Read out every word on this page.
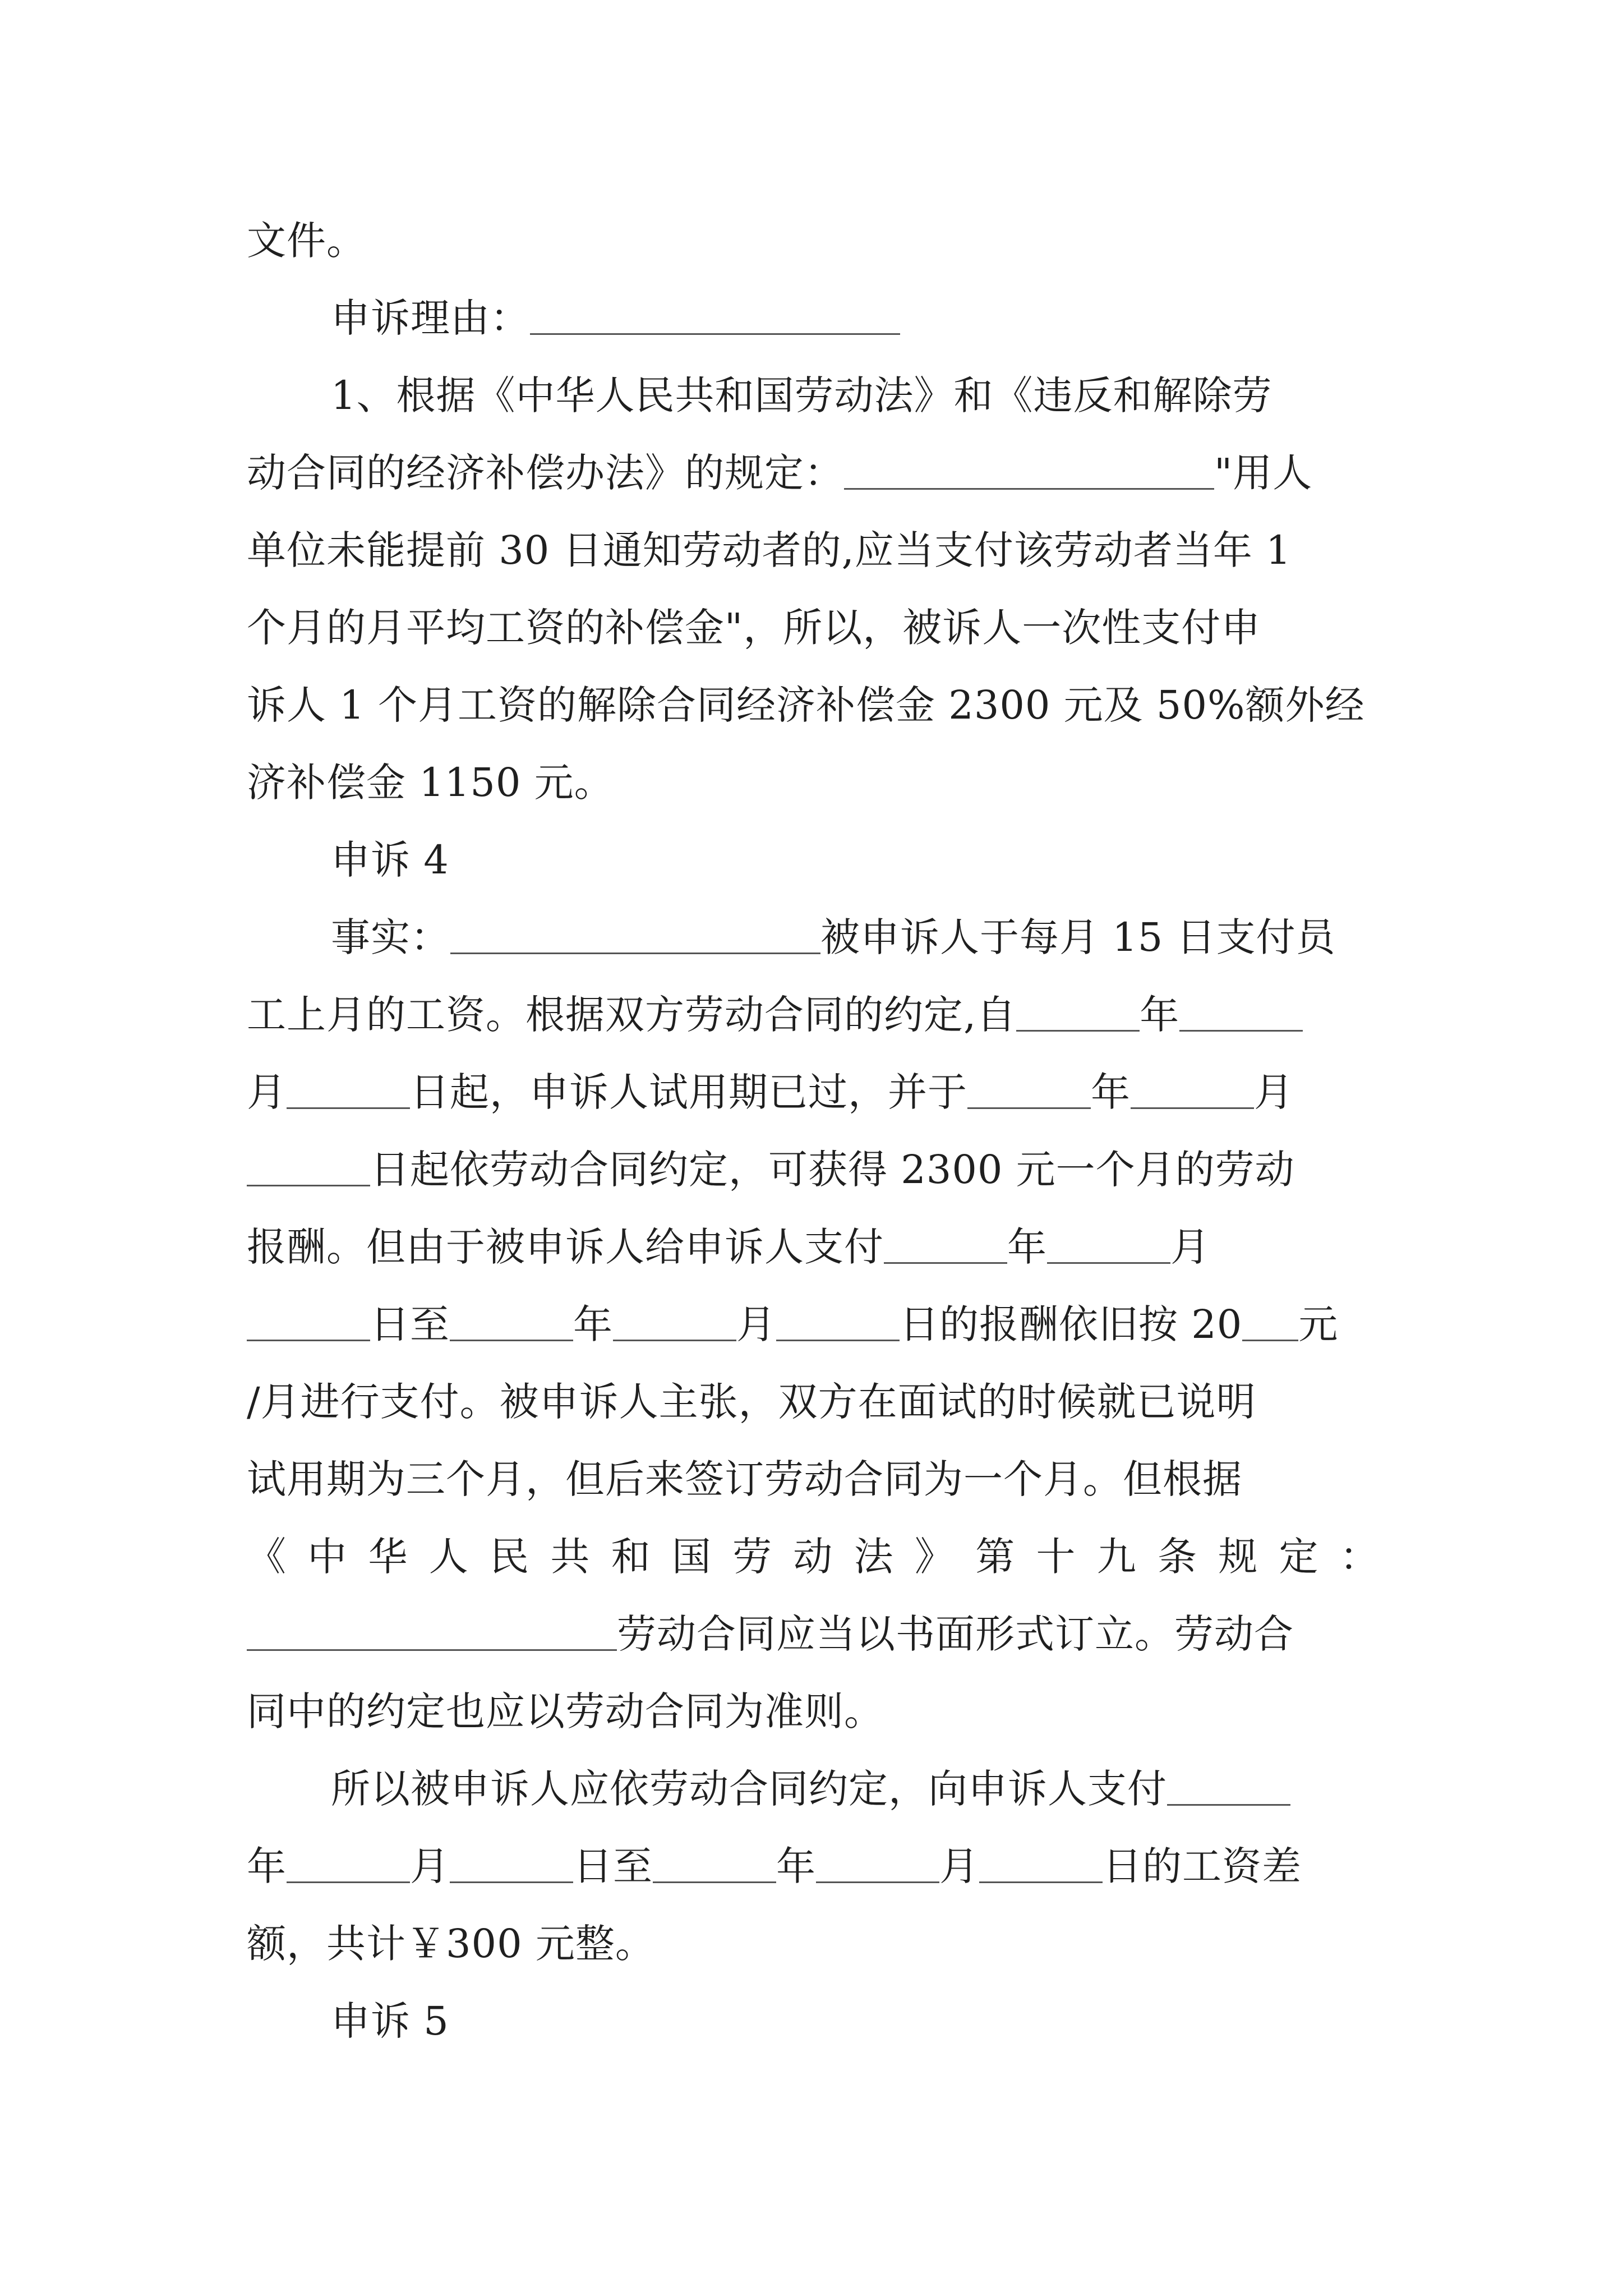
文件。
申诉理由：
1、根据《中华人民共和国劳动法》和《违反和解除劳
动合同的经济补偿办法》的规定：	"用人
单位未能提前 30 日通知劳动者的,应当支付该劳动者当年 1
个月的月平均工资的补偿金"，所以，被诉人一次性支付申
诉人 1 个月工资的解除合同经济补偿金 2300 元及 50%额外经
济补偿金 1150 元。
申诉 4
事实：	被申诉人于每月 15 日支付员
工上月的工资。根据双方劳动合同的约定,自	年
月	日起，申诉人试用期已过，并于	年	月
日起依劳动合同约定，可获得 2300 元一个月的劳动
报酬。但由于被申诉人给申诉人支付	年	月
日至	年	月	日的报酬依旧按 20 元
/月进行支付。被申诉人主张，双方在面试的时候就已说明
试用期为三个月，但后来签订劳动合同为一个月。但根据
《 中 华 人 民 共 和 国 劳 动 法 》 第 十 九 条 规 定 ：
劳动合同应当以书面形式订立。劳动合
同中的约定也应以劳动合同为准则。
所以被申诉人应依劳动合同约定，向申诉人支付
年	月	日至	年	月	日的工资差
额，共计￥300 元整。
申诉 5
